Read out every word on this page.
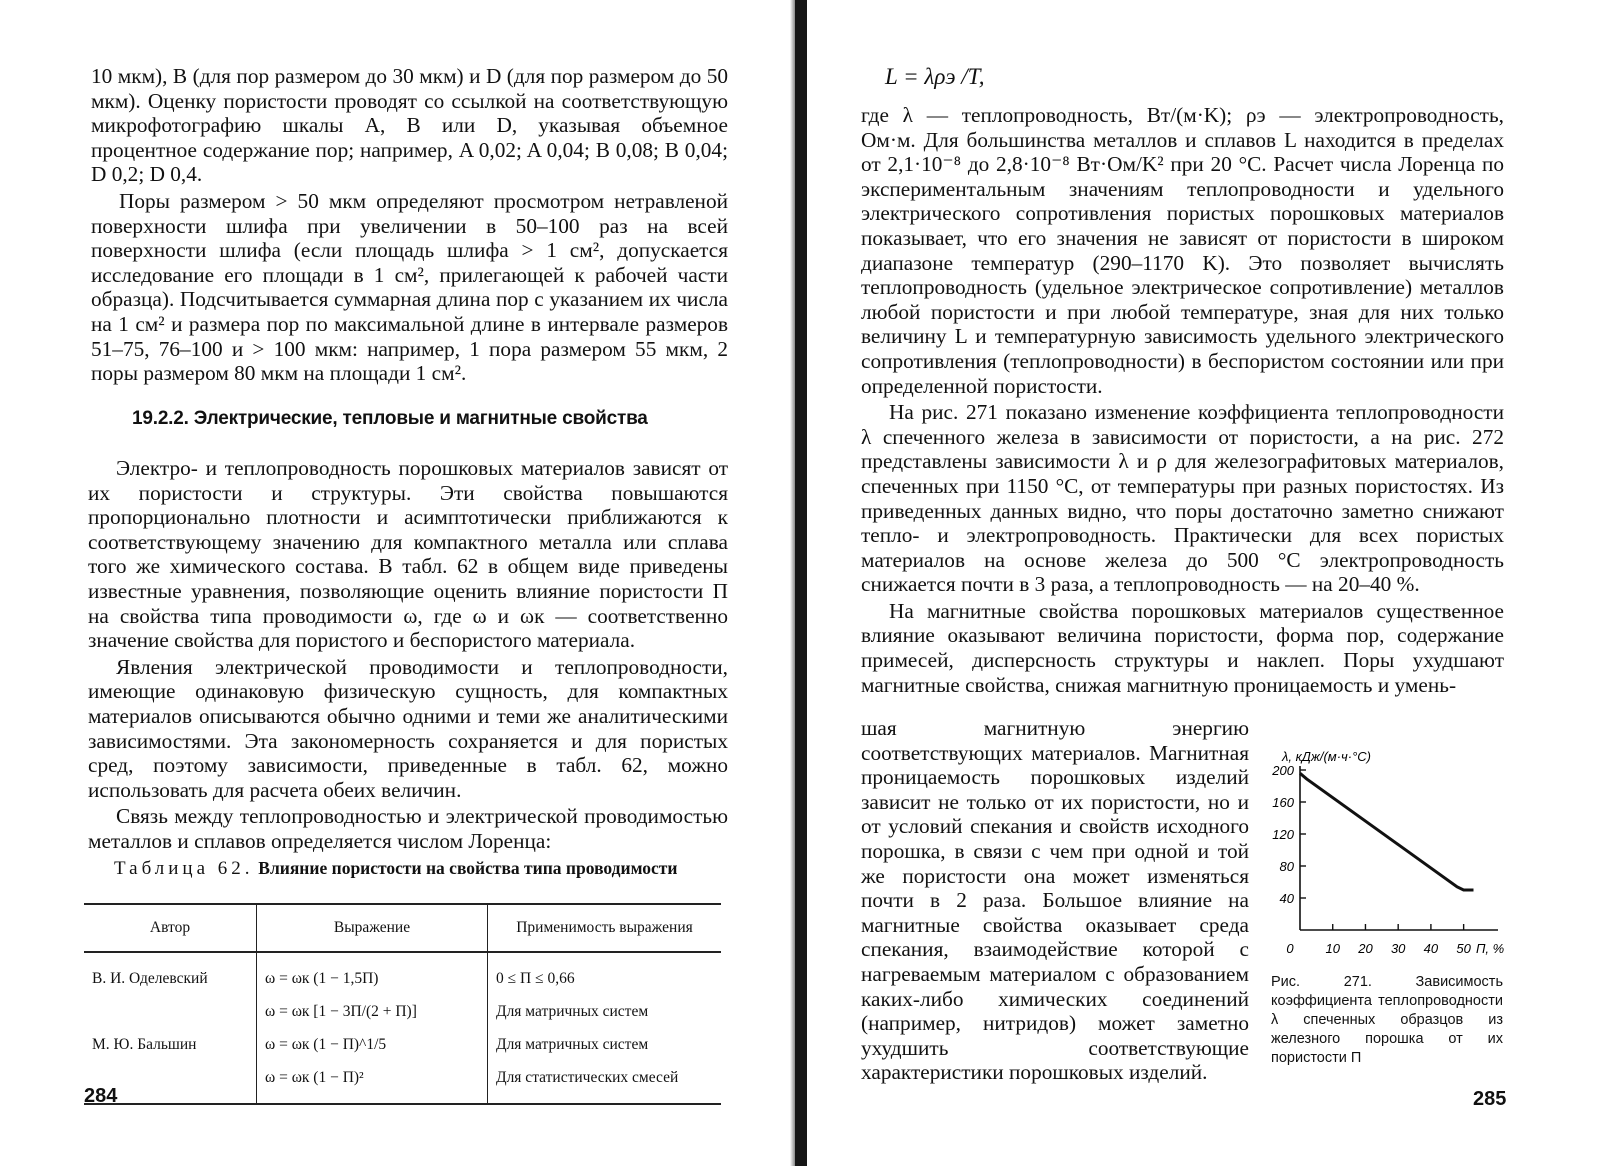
10 мкм), B (для пор размером до 30 мкм) и D (для пор размером до 50 мкм). Оценку пористости проводят со ссылкой на соответствующую микрофотографию шкалы A, B или D, указывая объемное процентное содержание пор; например, A 0,02; A 0,04; B 0,08; B 0,04; D 0,2; D 0,4.

Поры размером > 50 мкм определяют просмотром нетравленой поверхности шлифа при увеличении в 50–100 раз на всей поверхности шлифа (если площадь шлифа > 1 см², допускается исследование его площади в 1 см², прилегающей к рабочей части образца). Подсчитывается суммарная длина пор с указанием их числа на 1 см² и размера пор по максимальной длине в интервале размеров 51–75, 76–100 и > 100 мкм: например, 1 пора размером 55 мкм, 2 поры размером 80 мкм на площади 1 см².

19.2.2. Электрические, тепловые и магнитные свойства

Электро- и теплопроводность порошковых материалов зависят от их пористости и структуры. Эти свойства повышаются пропорционально плотности и асимптотически приближаются к соответствующему значению для компактного металла или сплава того же химического состава. В табл. 62 в общем виде приведены известные уравнения, позволяющие оценить влияние пористости П на свойства типа проводимости ω, где ω и ωк — соответственно значение свойства для пористого и беспористого материала.

Явления электрической проводимости и теплопроводности, имеющие одинаковую физическую сущность, для компактных материалов описываются обычно одними и теми же аналитическими зависимостями. Эта закономерность сохраняется и для пористых сред, поэтому зависимости, приведенные в табл. 62, можно использовать для расчета обеих величин.

Связь между теплопроводностью и электрической проводимостью металлов и сплавов определяется числом Лоренца:

Таблица 62. Влияние пористости на свойства типа проводимости
Автор	Выражение	Применимость выражения
В. И. Оделевский	ω = ωк (1 − 1,5П)	0 ≤ П ≤ 0,66
	ω = ωк [1 − 3П/(2 + П)]	Для матричных систем
М. Ю. Бальшин	ω = ωк (1 − П)^1/5	Для матричных систем
	ω = ωк (1 − П)²	Для статистических смесей
284
L = λρэ /T,

где λ — теплопроводность, Вт/(м·K); ρэ — электропроводность, Ом·м. Для большинства металлов и сплавов L находится в пределах от 2,1·10⁻⁸ до 2,8·10⁻⁸ Вт·Ом/K² при 20 °C. Расчет числа Лоренца по экспериментальным значениям теплопроводности и удельного электрического сопротивления пористых порошковых материалов показывает, что его значения не зависят от пористости в широком диапазоне температур (290–1170 K). Это позволяет вычислять теплопроводность (удельное электрическое сопротивление) металлов любой пористости и при любой температуре, зная для них только величину L и температурную зависимость удельного электрического сопротивления (теплопроводности) в беспористом состоянии или при определенной пористости.

На рис. 271 показано изменение коэффициента теплопроводности λ спеченного железа в зависимости от пористости, а на рис. 272 представлены зависимости λ и ρ для железографитовых материалов, спеченных при 1150 °C, от температуры при разных пористостях. Из приведенных данных видно, что поры достаточно заметно снижают тепло- и электропроводность. Практически для всех пористых материалов на основе железа до 500 °C электропроводность снижается почти в 3 раза, а теплопроводность — на 20–40 %.

На магнитные свойства порошковых материалов существенное влияние оказывают величина пористости, форма пор, содержание примесей, дисперсность структуры и наклеп. Поры ухудшают магнитные свойства, снижая магнитную проницаемость и умень-

шая магнитную энергию соответствующих материалов. Магнитная проницаемость порошковых изделий зависит не только от их пористости, но и от условий спекания и свойств исходного порошка, в связи с чем при одной и той же пористости она может изменяться почти в 2 раза. Большое влияние на магнитные свойства оказывает среда спекания, взаимодействие которой с нагреваемым материалом с образованием каких-либо химических соединений (например, нитридов) может заметно ухудшить соответствующие характеристики порошковых изделий.

λ, кДж/(м·ч·°C)
П, %
40
80
120
160
200
0 10 20 30 40 50
Рис. 271. Зависимость коэффициента теплопроводности λ спеченных образцов из железного порошка от их пористости П
285
